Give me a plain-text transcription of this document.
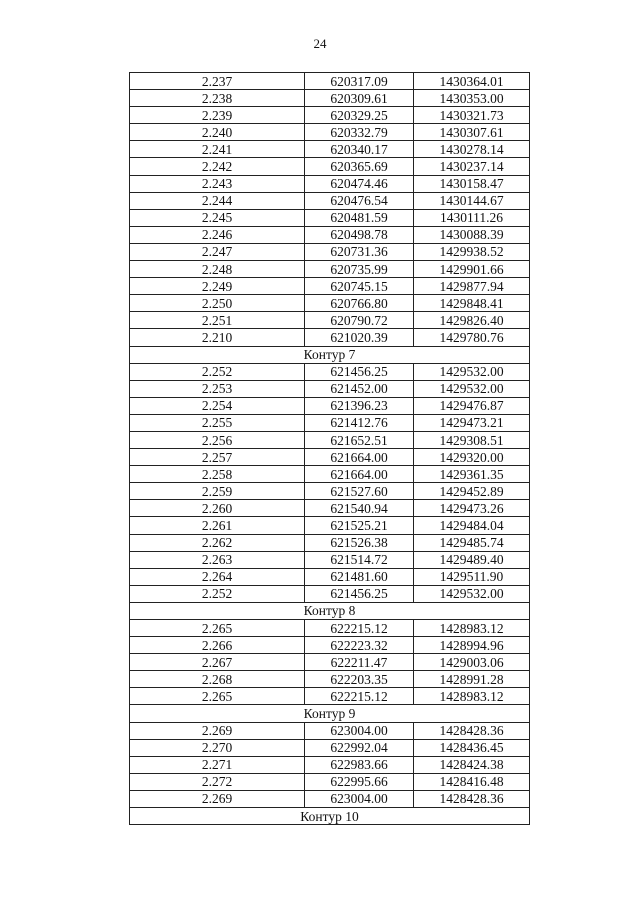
24
2.237	620317.09	1430364.01
2.238	620309.61	1430353.00
2.239	620329.25	1430321.73
2.240	620332.79	1430307.61
2.241	620340.17	1430278.14
2.242	620365.69	1430237.14
2.243	620474.46	1430158.47
2.244	620476.54	1430144.67
2.245	620481.59	1430111.26
2.246	620498.78	1430088.39
2.247	620731.36	1429938.52
2.248	620735.99	1429901.66
2.249	620745.15	1429877.94
2.250	620766.80	1429848.41
2.251	620790.72	1429826.40
2.210	621020.39	1429780.76
Контур 7		
2.252	621456.25	1429532.00
2.253	621452.00	1429532.00
2.254	621396.23	1429476.87
2.255	621412.76	1429473.21
2.256	621652.51	1429308.51
2.257	621664.00	1429320.00
2.258	621664.00	1429361.35
2.259	621527.60	1429452.89
2.260	621540.94	1429473.26
2.261	621525.21	1429484.04
2.262	621526.38	1429485.74
2.263	621514.72	1429489.40
2.264	621481.60	1429511.90
2.252	621456.25	1429532.00
Контур 8		
2.265	622215.12	1428983.12
2.266	622223.32	1428994.96
2.267	622211.47	1429003.06
2.268	622203.35	1428991.28
2.265	622215.12	1428983.12
Контур 9		
2.269	623004.00	1428428.36
2.270	622992.04	1428436.45
2.271	622983.66	1428424.38
2.272	622995.66	1428416.48
2.269	623004.00	1428428.36
Контур 10		
